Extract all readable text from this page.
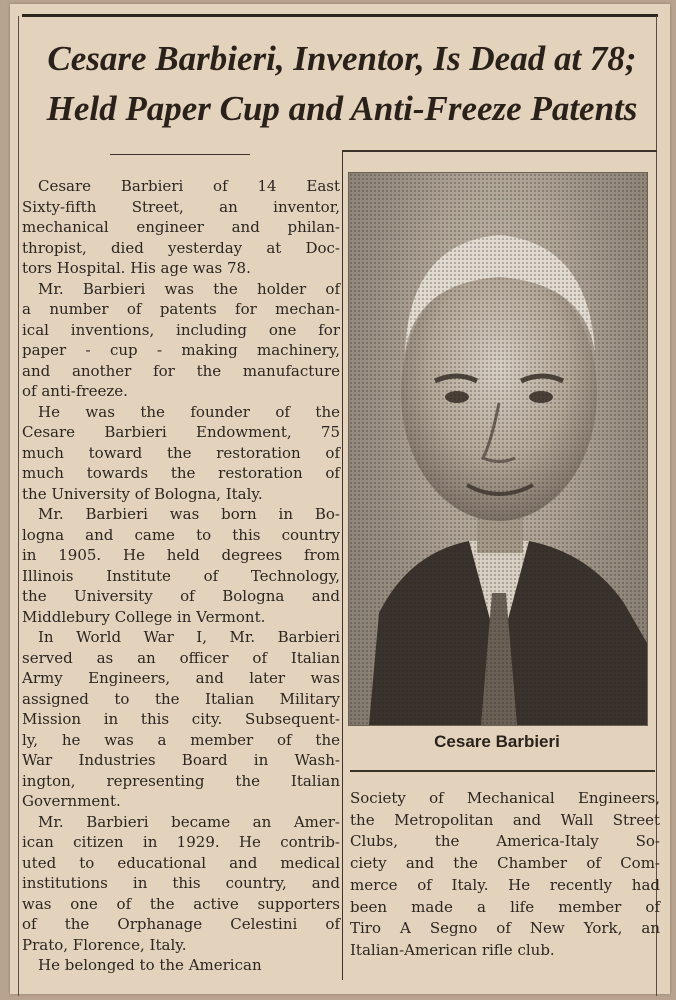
Cesare Barbieri, Inventor, Is Dead at 78;
Held Paper Cup and Anti-Freeze Patents

Cesare Barbieri of 14 East
Sixty-fifth Street, an inventor,
mechanical engineer and philan-
thropist, died yesterday at Doc-
tors Hospital. His age was 78.

Mr. Barbieri was the holder of
a number of patents for mechan-
ical inventions, including one for
paper - cup - making machinery,
and another for the manufacture
of anti-freeze.

He was the founder of the
Cesare Barbieri Endowment, 75
much toward the restoration of
much towards the restoration of
the University of Bologna, Italy.

Mr. Barbieri was born in Bo-
logna and came to this country
in 1905. He held degrees from
Illinois Institute of Technology,
the University of Bologna and
Middlebury College in Vermont.

In World War I, Mr. Barbieri
served as an officer of Italian
Army Engineers, and later was
assigned to the Italian Military
Mission in this city. Subsequent-
ly, he was a member of the
War Industries Board in Wash-
ington, representing the Italian
Government.

Mr. Barbieri became an Amer-
ican citizen in 1929. He contrib-
uted to educational and medical
institutions in this country, and
was one of the active supporters
of the Orphanage Celestini of
Prato, Florence, Italy.

He belonged to the American

Cesare Barbieri
Society of Mechanical Engineers,
the Metropolitan and Wall Street
Clubs, the America-Italy So-
ciety and the Chamber of Com-
merce of Italy. He recently had
been made a life member of
Tiro A Segno of New York, an
Italian-American rifle club.
